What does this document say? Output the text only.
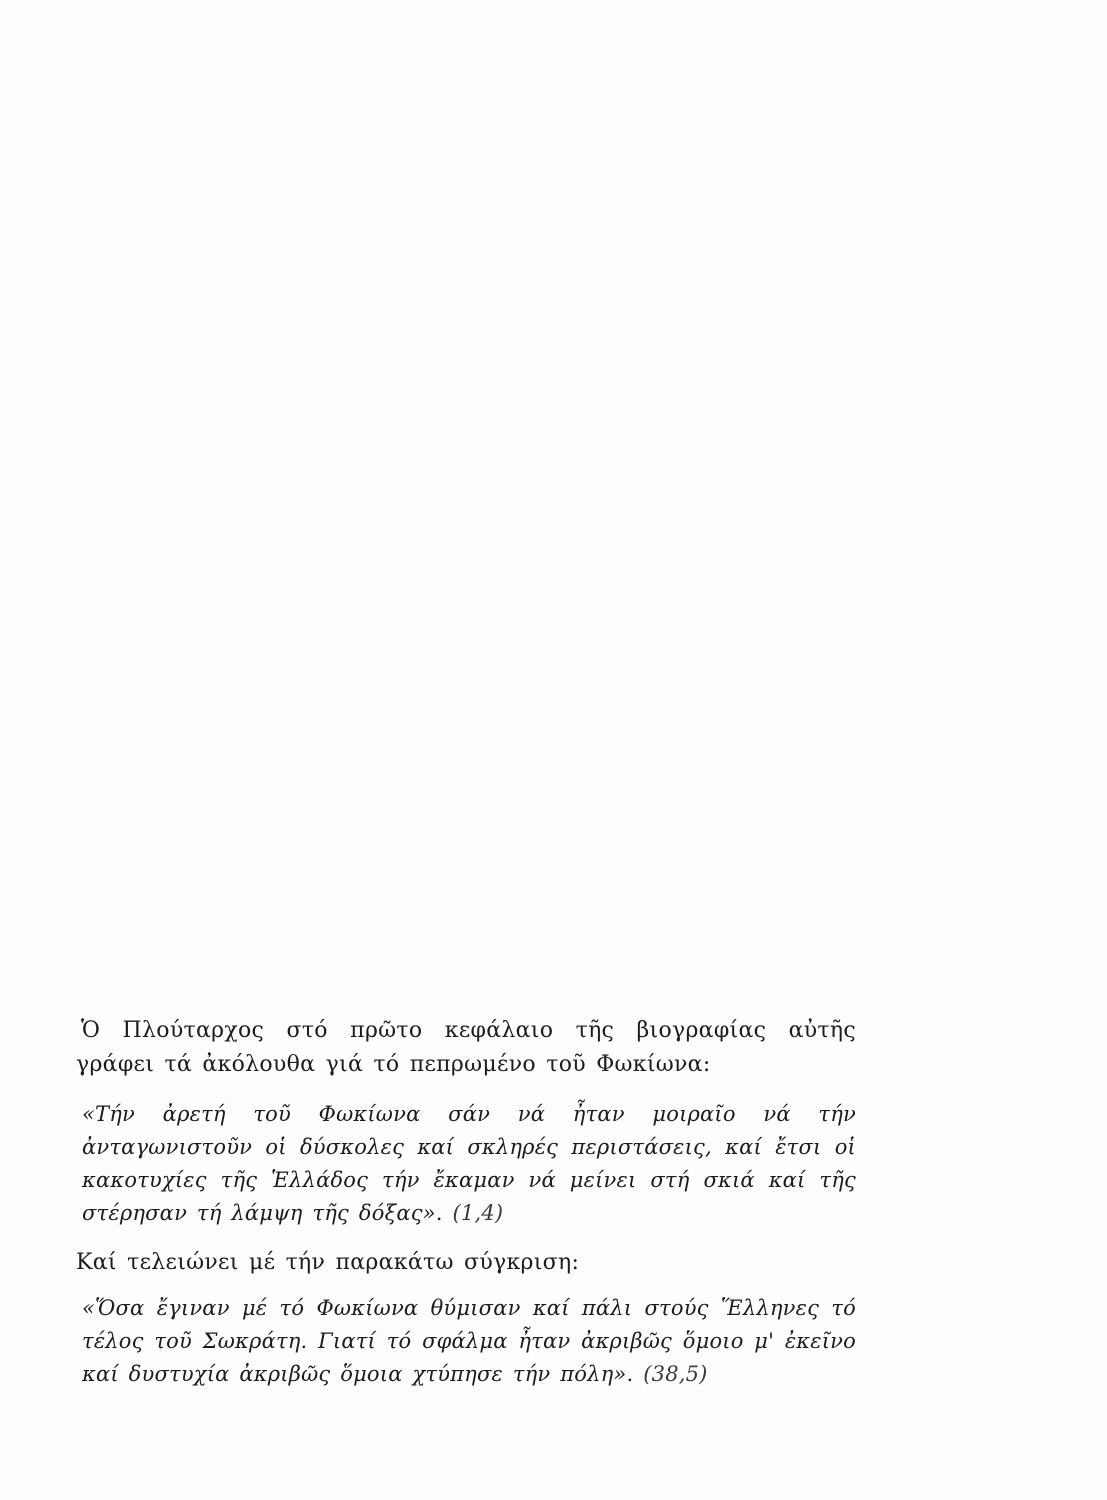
Ὁ Πλούταρχος στό πρῶτο κεφάλαιο τῆς βιογραφίας αὐτῆς γράφει τά ἀκόλουθα γιά τό πεπρωμένο τοῦ Φωκίωνα:

«Τήν ἀρετή τοῦ Φωκίωνα σάν νά ἦταν μοιραῖο νά τήν ἀνταγωνιστοῦν οἱ δύσκολες καί σκληρές περιστάσεις, καί ἔτσι οἱ κακοτυχίες τῆς Ἑλλάδος τήν ἔκαμαν νά μείνει στή σκιά καί τῆς στέρησαν τή λάμψη τῆς δόξας». (1,4)

Καί τελειώνει μέ τήν παρακάτω σύγκριση:

«Ὅσα ἔγιναν μέ τό Φωκίωνα θύμισαν καί πάλι στούς Ἕλληνες τό τέλος τοῦ Σωκράτη. Γιατί τό σφάλμα ἦταν ἀκριβῶς ὅμοιο μ' ἐκεῖνο καί δυστυχία ἀκριβῶς ὅμοια χτύπησε τήν πόλη». (38,5)
